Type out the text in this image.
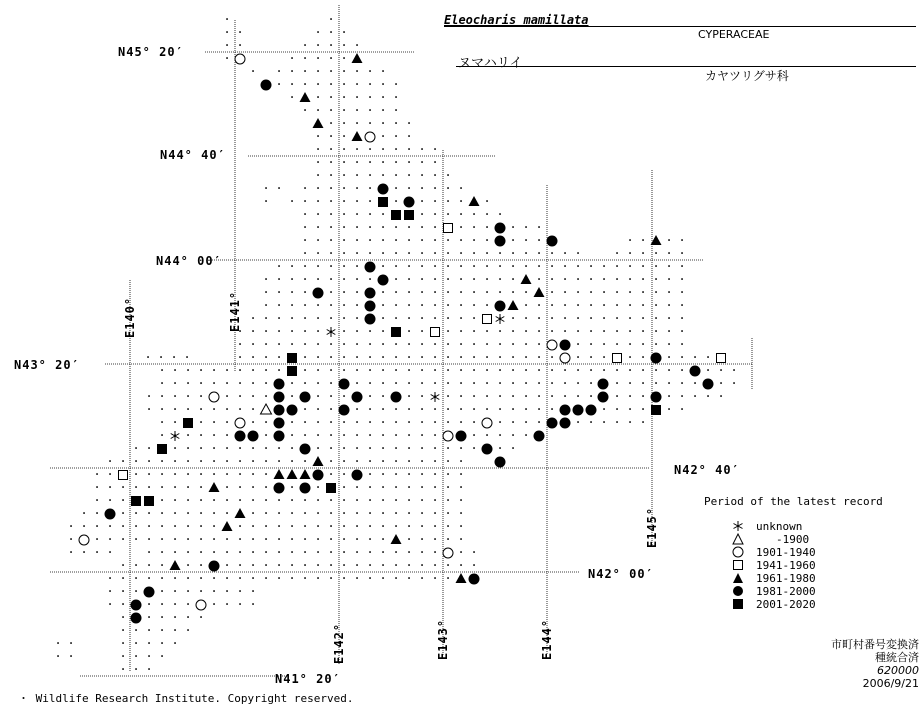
N45° 20′
N44° 40′
N44° 00′
N43° 20′
N42° 40′
N42° 00′
N41° 20′
E140°	E141°
E142°	E143°	E144°
E145°
Eleocharis mamillata
CYPERACEAE
ヌマハリイ
カヤツリグサ科
Period of the latest record
unknown
-1900
1901-1940
1941-1960
1961-1980
1981-2000
2001-2020
市町村番号変換済
種統合済
620000
2006/9/21
・ Wildlife Research Institute. Copyright reserved.
